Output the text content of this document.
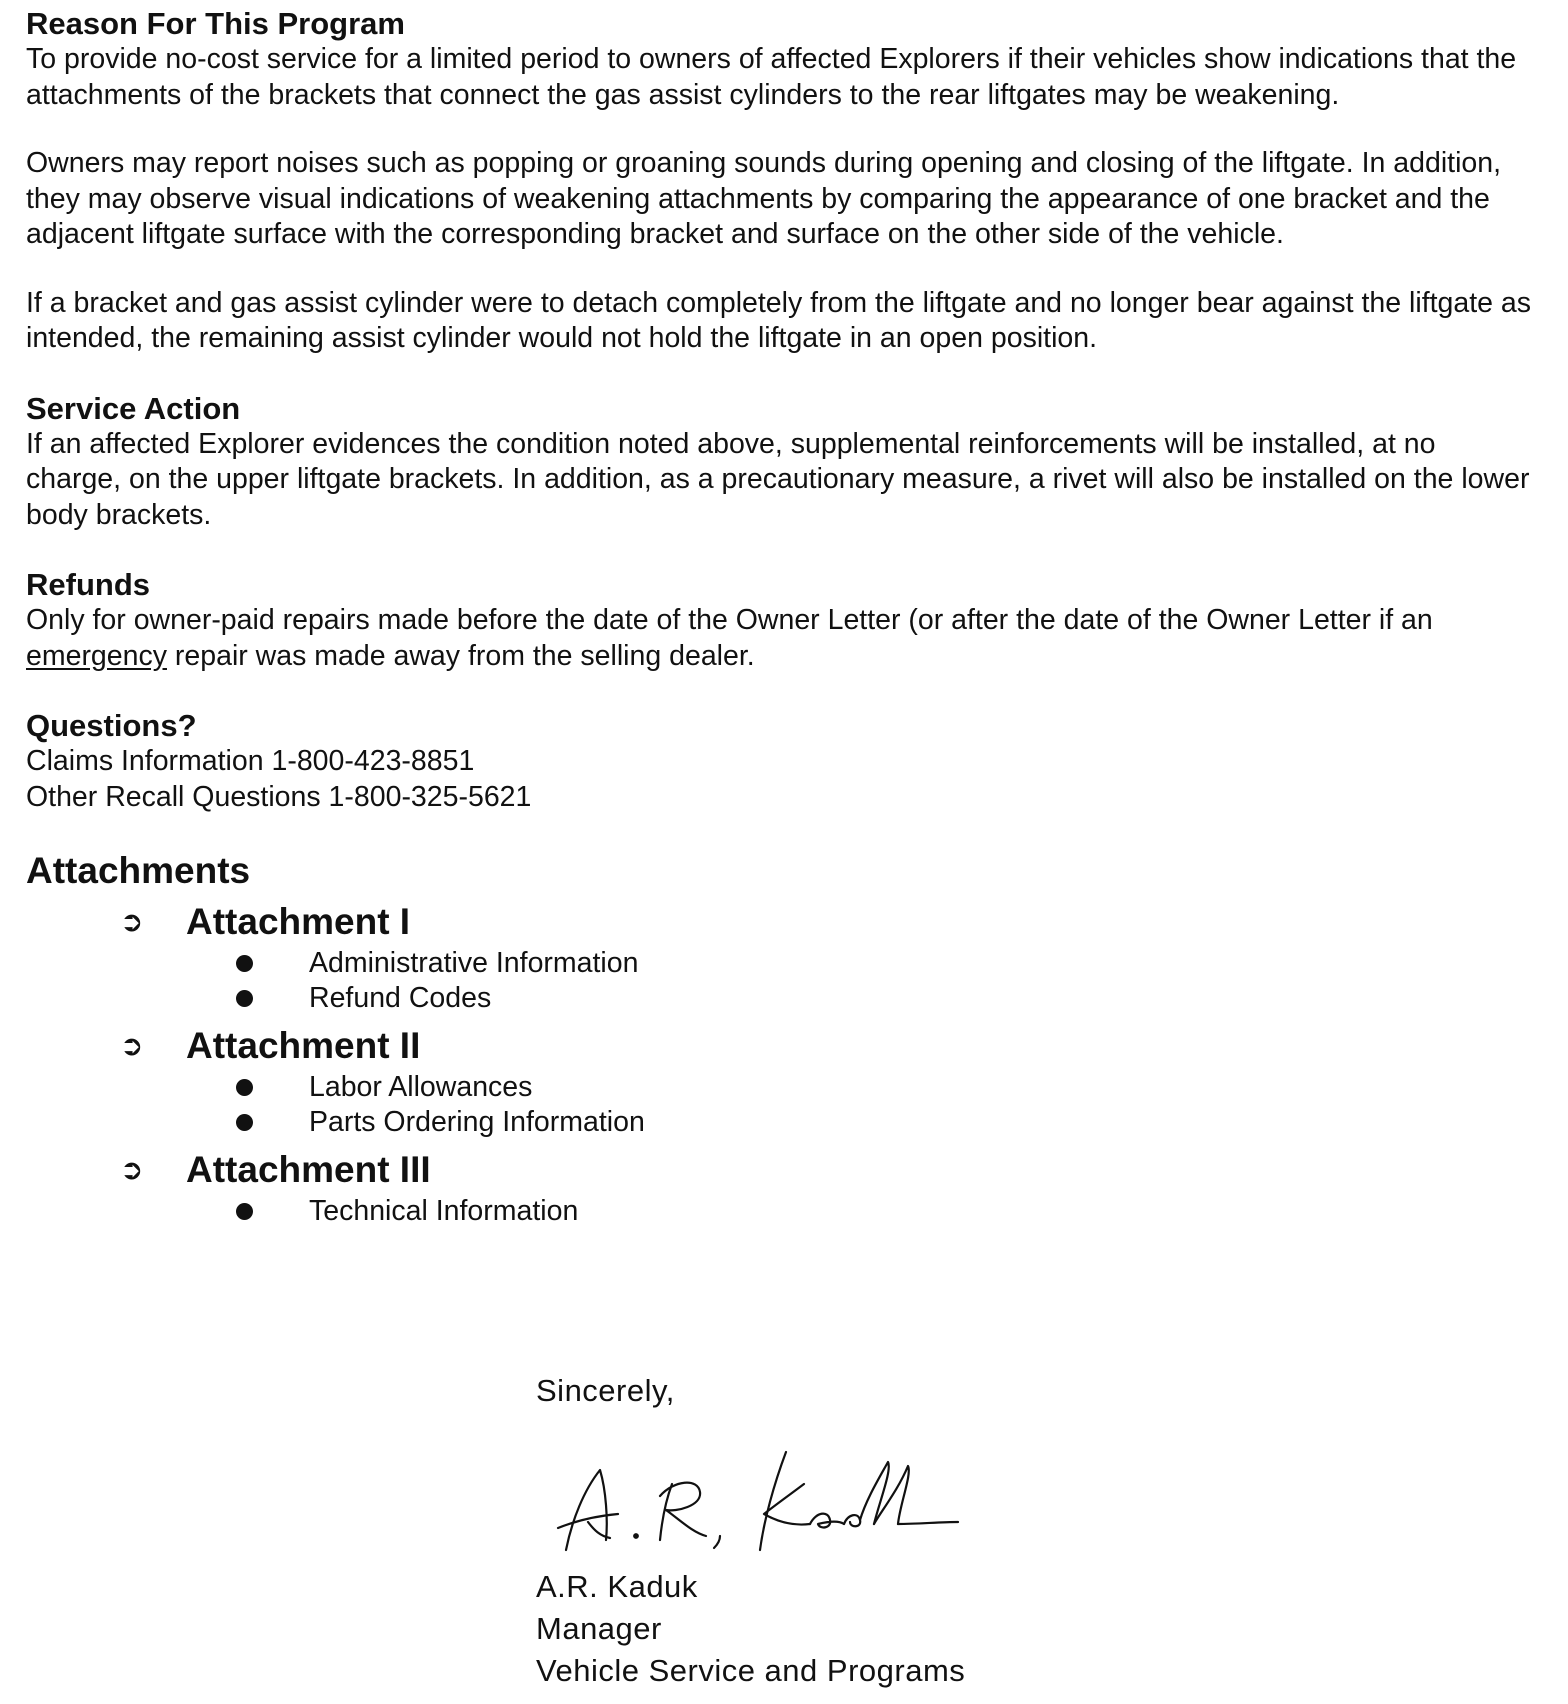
Reason For This Program

To provide no-cost service for a limited period to owners of affected Explorers if their vehicles show indications that the attachments of the brackets that connect the gas assist cylinders to the rear liftgates may be weakening.

Owners may report noises such as popping or groaning sounds during opening and closing of the liftgate. In addition, they may observe visual indications of weakening attachments by comparing the appearance of one bracket and the adjacent liftgate surface with the corresponding bracket and surface on the other side of the vehicle.

If a bracket and gas assist cylinder were to detach completely from the liftgate and no longer bear against the liftgate as intended, the remaining assist cylinder would not hold the liftgate in an open position.

Service Action

If an affected Explorer evidences the condition noted above, supplemental reinforcements will be installed, at no charge, on the upper liftgate brackets. In addition, as a precautionary measure, a rivet will also be installed on the lower body brackets.

Refunds

Only for owner-paid repairs made before the date of the Owner Letter (or after the date of the Owner Letter if an emergency repair was made away from the selling dealer.

Questions?

Claims Information 1-800-423-8851

Other Recall Questions 1-800-325-5621

Attachments

➲	Attachment I
Administrative Information
Refund Codes
➲	Attachment II
Labor Allowances
Parts Ordering Information
➲	Attachment III
Technical Information
Sincerely,
A.R. Kaduk
Manager
Vehicle Service and Programs
